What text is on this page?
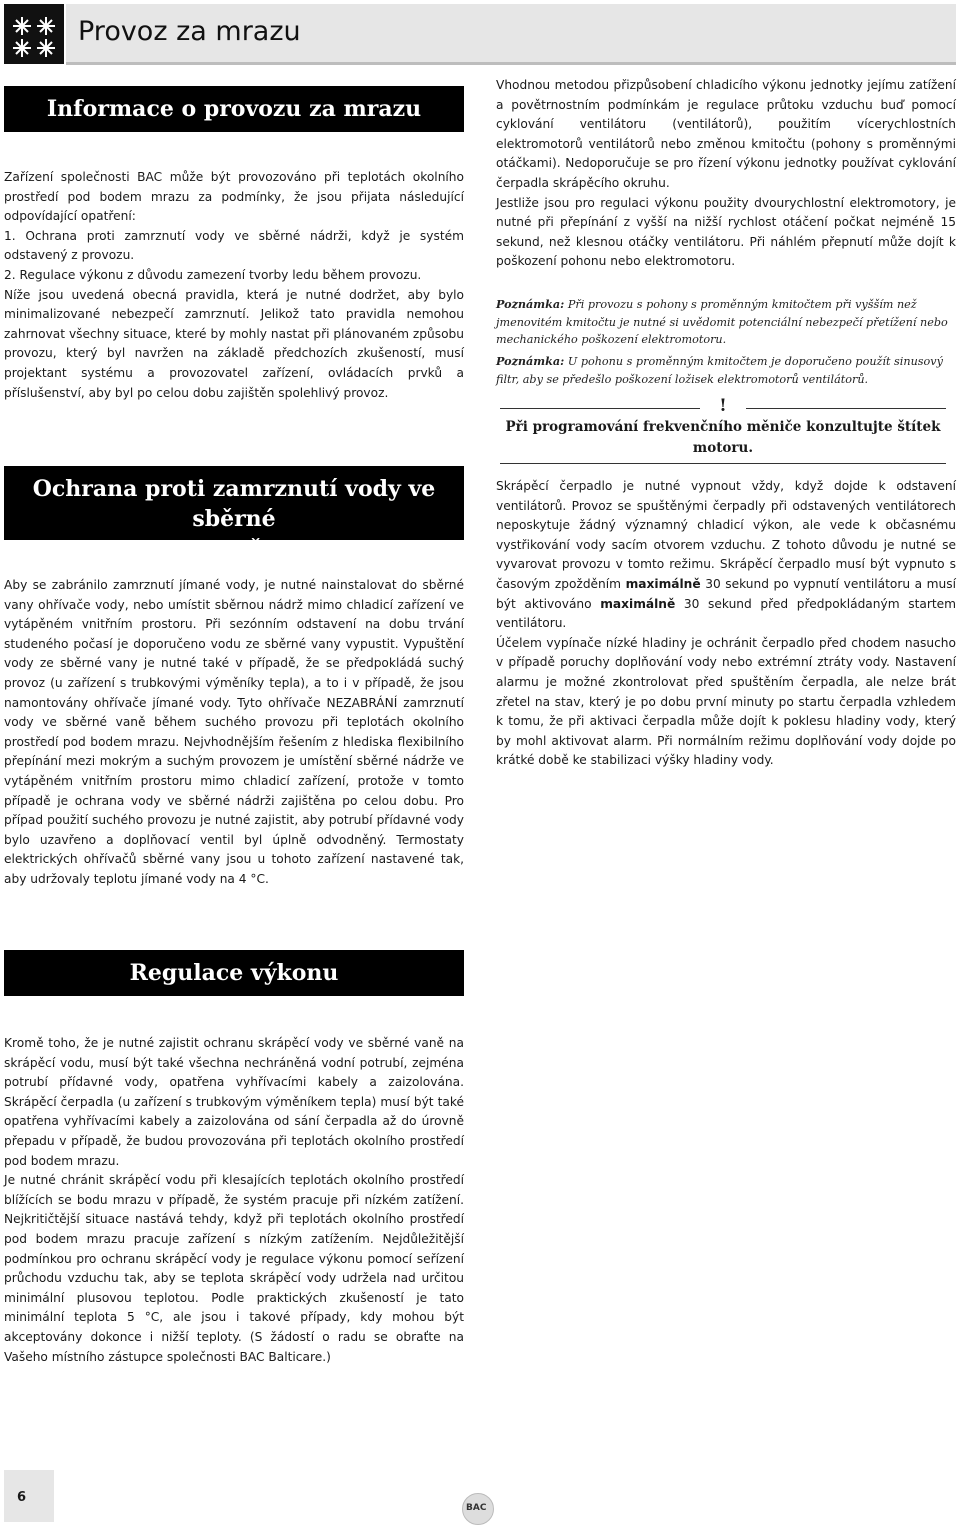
Provoz za mrazu
Informace o provozu za mrazu

Zařízení společnosti BAC může být provozováno při teplotách okolního prostředí pod bodem mrazu za podmínky, že jsou přijata následující odpovídající opatření:

1. Ochrana proti zamrznutí vody ve sběrné nádrži, když je systém odstavený z provozu.

2. Regulace výkonu z důvodu zamezení tvorby ledu během provozu.

Níže jsou uvedená obecná pravidla, která je nutné dodržet, aby bylo minimalizované nebezpečí zamrznutí. Jelikož tato pravidla nemohou zahrnovat všechny situace, které by mohly nastat při plánovaném způsobu provozu, který byl navržen na základě předchozích zkušeností, musí projektant systému a provozovatel zařízení, ovládacích prvků a příslušenství, aby byl po celou dobu zajištěn spolehlivý provoz.

Ochrana proti zamrznutí vody ve sběrné
vaně

Aby se zabránilo zamrznutí jímané vody, je nutné nainstalovat do sběrné vany ohřívače vody, nebo umístit sběrnou nádrž mimo chladicí zařízení ve vytápěném vnitřním prostoru. Při sezónním odstavení na dobu trvání studeného počasí je doporučeno vodu ze sběrné vany vypustit. Vypuštění vody ze sběrné vany je nutné také v případě, že se předpokládá suchý provoz (u zařízení s trubkovými výměníky tepla), a to i v případě, že jsou namontovány ohřívače jímané vody. Tyto ohřívače NEZABRÁNÍ zamrznutí vody ve sběrné vaně během suchého provozu při teplotách okolního prostředí pod bodem mrazu. Nejvhodnějším řešením z hlediska flexibilního přepínání mezi mokrým a suchým provozem je umístění sběrné nádrže ve vytápěném vnitřním prostoru mimo chladicí zařízení, protože v tomto případě je ochrana vody ve sběrné nádrži zajištěna po celou dobu. Pro případ použití suchého provozu je nutné zajistit, aby potrubí přídavné vody bylo uzavřeno a doplňovací ventil byl úplně odvodněný. Termostaty elektrických ohřívačů sběrné vany jsou u tohoto zařízení nastavené tak, aby udržovaly teplotu jímané vody na 4 °C.

Regulace výkonu

Kromě toho, že je nutné zajistit ochranu skrápěcí vody ve sběrné vaně na skrápěcí vodu, musí být také všechna nechráněná vodní potrubí, zejména potrubí přídavné vody, opatřena vyhřívacími kabely a zaizolována. Skrápěcí čerpadla (u zařízení s trubkovým výměníkem tepla) musí být také opatřena vyhřívacími kabely a zaizolována od sání čerpadla až do úrovně přepadu v případě, že budou provozována při teplotách okolního prostředí pod bodem mrazu.

Je nutné chránit skrápěcí vodu při klesajících teplotách okolního prostředí blížících se bodu mrazu v případě, že systém pracuje při nízkém zatížení. Nejkritičtější situace nastává tehdy, když při teplotách okolního prostředí pod bodem mrazu pracuje zařízení s nízkým zatížením. Nejdůležitější podmínkou pro ochranu skrápěcí vody je regulace výkonu pomocí seřízení průchodu vzduchu tak, aby se teplota skrápěcí vody udržela nad určitou minimální plusovou teplotou. Podle praktických zkušeností je tato minimální teplota 5 °C, ale jsou i takové případy, kdy mohou být akceptovány dokonce i nižší teploty. (S žádostí o radu se obraťte na Vašeho místního zástupce společnosti BAC Balticare.)

Vhodnou metodou přizpůsobení chladicího výkonu jednotky jejímu zatížení a povětrnostním podmínkám je regulace průtoku vzduchu buď pomocí cyklování ventilátoru (ventilátorů), použitím vícerychlostních elektromotorů ventilátorů nebo změnou kmitočtu (pohony s proměnnými otáčkami). Nedoporučuje se pro řízení výkonu jednotky používat cyklování čerpadla skrápěcího okruhu.

Jestliže jsou pro regulaci výkonu použity dvourychlostní elektromotory, je nutné při přepínání z vyšší na nižší rychlost otáčení počkat nejméně 15 sekund, než klesnou otáčky ventilátoru. Při náhlém přepnutí může dojít k poškození pohonu nebo elektromotoru.

Poznámka: Při provozu s pohony s proměnným kmitočtem při vyšším než jmenovitém kmitočtu je nutné si uvědomit potenciální nebezpečí přetížení nebo mechanického poškození elektromotoru.
Poznámka: U pohonu s proměnným kmitočtem je doporučeno použít sinusový filtr, aby se předešlo poškození ložisek elektromotorů ventilátorů.
!
Při programování frekvenčního měniče konzultujte štítek motoru.

Skrápěcí čerpadlo je nutné vypnout vždy, když dojde k odstavení ventilátorů. Provoz se spuštěnými čerpadly při odstavených ventilátorech neposkytuje žádný významný chladicí výkon, ale vede k občasnému vystřikování vody sacím otvorem vzduchu. Z tohoto důvodu je nutné se vyvarovat provozu v tomto režimu. Skrápěcí čerpadlo musí být vypnuto s časovým zpožděním maximálně 30 sekund po vypnutí ventilátoru a musí být aktivováno maximálně 30 sekund před předpokládaným startem ventilátoru.

Účelem vypínače nízké hladiny je ochránit čerpadlo před chodem nasucho v případě poruchy doplňování vody nebo extrémní ztráty vody. Nastavení alarmu je možné zkontrolovat před spuštěním čerpadla, ale nelze brát zřetel na stav, který je po dobu první minuty po startu čerpadla vzhledem k tomu, že při aktivaci čerpadla může dojít k poklesu hladiny vody, který by mohl aktivovat alarm. Při normálním režimu doplňování vody dojde po krátké době ke stabilizaci výšky hladiny vody.

6
BAC
